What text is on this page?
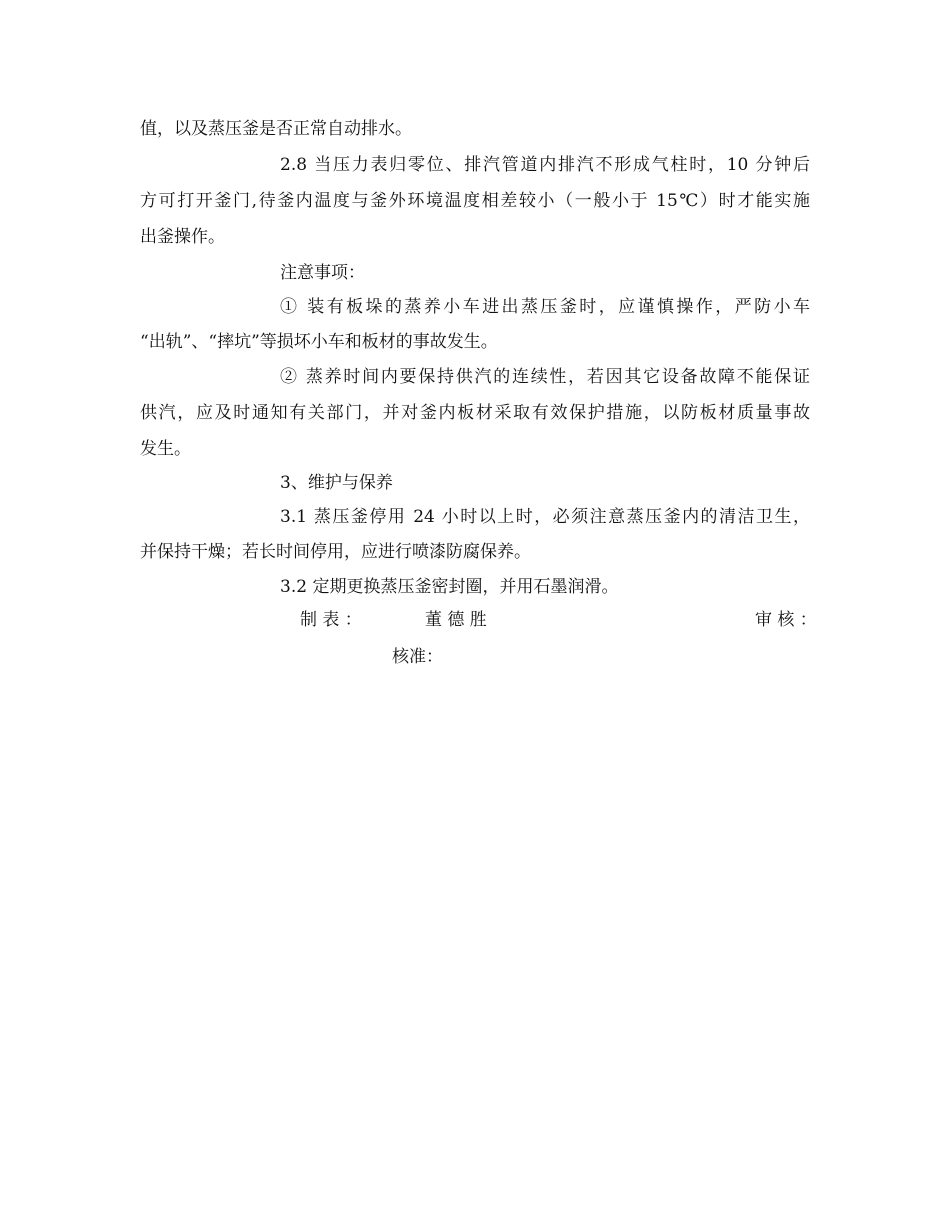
值，以及蒸压釜是否正常自动排水。
2.8 当压力表归零位、排汽管道内排汽不形成气柱时，10 分钟后
方可打开釜门,待釜内温度与釜外环境温度相差较小（一般小于 15℃）时才能实施
出釜操作。
注意事项：
① 装有板垛的蒸养小车进出蒸压釜时，应谨慎操作，严防小车
“出轨”、“摔坑”等损坏小车和板材的事故发生。
② 蒸养时间内要保持供汽的连续性，若因其它设备故障不能保证
供汽，应及时通知有关部门，并对釜内板材采取有效保护措施，以防板材质量事故
发生。
3、维护与保养
3.1 蒸压釜停用 24 小时以上时，必须注意蒸压釜内的清洁卫生，
并保持干燥；若长时间停用，应进行喷漆防腐保养。
3.2 定期更换蒸压釜密封圈，并用石墨润滑。
制 表 ：	董 德 胜	审 核 ：
核准：
